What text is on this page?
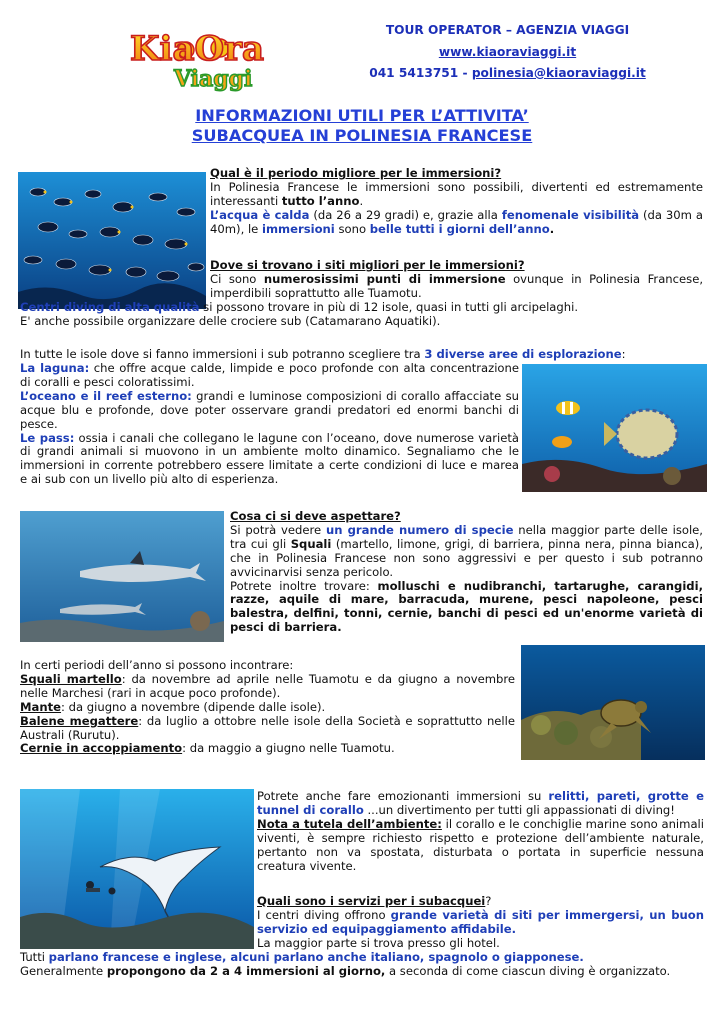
KiaOra
Viaggi
TOUR OPERATOR – AGENZIA VIAGGI
www.kiaoraviaggi.it
041 5413751 - polinesia@kiaoraviaggi.it
INFORMAZIONI UTILI PER L’ATTIVITA’
SUBACQUEA IN POLINESIA FRANCESE

Qual è il periodo migliore per le immersioni?

In Polinesia Francese le immersioni sono possibili, divertenti ed estremamente interessanti tutto l’anno.

L’acqua è calda (da 26 a 29 gradi) e, grazie alla fenomenale visibilità (da 30m a 40m), le immersioni sono belle tutti i giorni dell’anno.

Dove si trovano i siti migliori per le immersioni?

Ci sono numerosissimi punti di immersione ovunque in Polinesia Francese, imperdibili soprattutto alle Tuamotu.

Centri diving di alta qualità si possono trovare in più di 12 isole, quasi in tutti gli arcipelaghi.

E' anche possibile organizzare delle crociere sub (Catamarano Aquatiki).

In tutte le isole dove si fanno immersioni i sub potranno scegliere tra 3 diverse aree di esplorazione:

La laguna: che offre acque calde, limpide e poco profonde con alta concentrazione di coralli e pesci coloratissimi.

L’oceano e il reef esterno: grandi e luminose composizioni di corallo affacciate su acque blu e profonde, dove poter osservare grandi predatori ed enormi banchi di pesce.

Le pass: ossia i canali che collegano le lagune con l’oceano, dove numerose varietà di grandi animali si muovono in un ambiente molto dinamico. Segnaliamo che le immersioni in corrente potrebbero essere limitate a certe condizioni di luce e marea e ai sub con un livello più alto di esperienza.

Cosa ci si deve aspettare?

Si potrà vedere un grande numero di specie nella maggior parte delle isole, tra cui gli Squali (martello, limone, grigi, di barriera, pinna nera, pinna bianca), che in Polinesia Francese non sono aggressivi e per questo i sub potranno avvicinarvisi senza pericolo.

Potrete inoltre trovare: molluschi e nudibranchi, tartarughe, carangidi, razze, aquile di mare, barracuda, murene, pesci napoleone, pesci balestra, delfini, tonni, cernie, banchi di pesci ed un'enorme varietà di pesci di barriera.

In certi periodi dell’anno si possono incontrare:

Squali martello: da novembre ad aprile nelle Tuamotu e da giugno a novembre nelle Marchesi (rari in acque poco profonde).

Mante: da giugno a novembre (dipende dalle isole).

Balene megattere: da luglio a ottobre nelle isole della Società e soprattutto nelle Australi (Rurutu).

Cernie in accoppiamento: da maggio a giugno nelle Tuamotu.

Potrete anche fare emozionanti immersioni su relitti, pareti, grotte e tunnel di corallo ...un divertimento per tutti gli appassionati di diving!

Nota a tutela dell’ambiente: il corallo e le conchiglie marine sono animali viventi, è sempre richiesto rispetto e protezione dell’ambiente naturale, pertanto non va spostata, disturbata o portata in superficie nessuna creatura vivente.

Quali sono i servizi per i subacquei?

I centri diving offrono grande varietà di siti per immergersi, un buon servizio ed equipaggiamento affidabile.

La maggior parte si trova presso gli hotel.

Tutti parlano francese e inglese, alcuni parlano anche italiano, spagnolo o giapponese.

Generalmente propongono da 2 a 4 immersioni al giorno, a seconda di come ciascun diving è organizzato.
